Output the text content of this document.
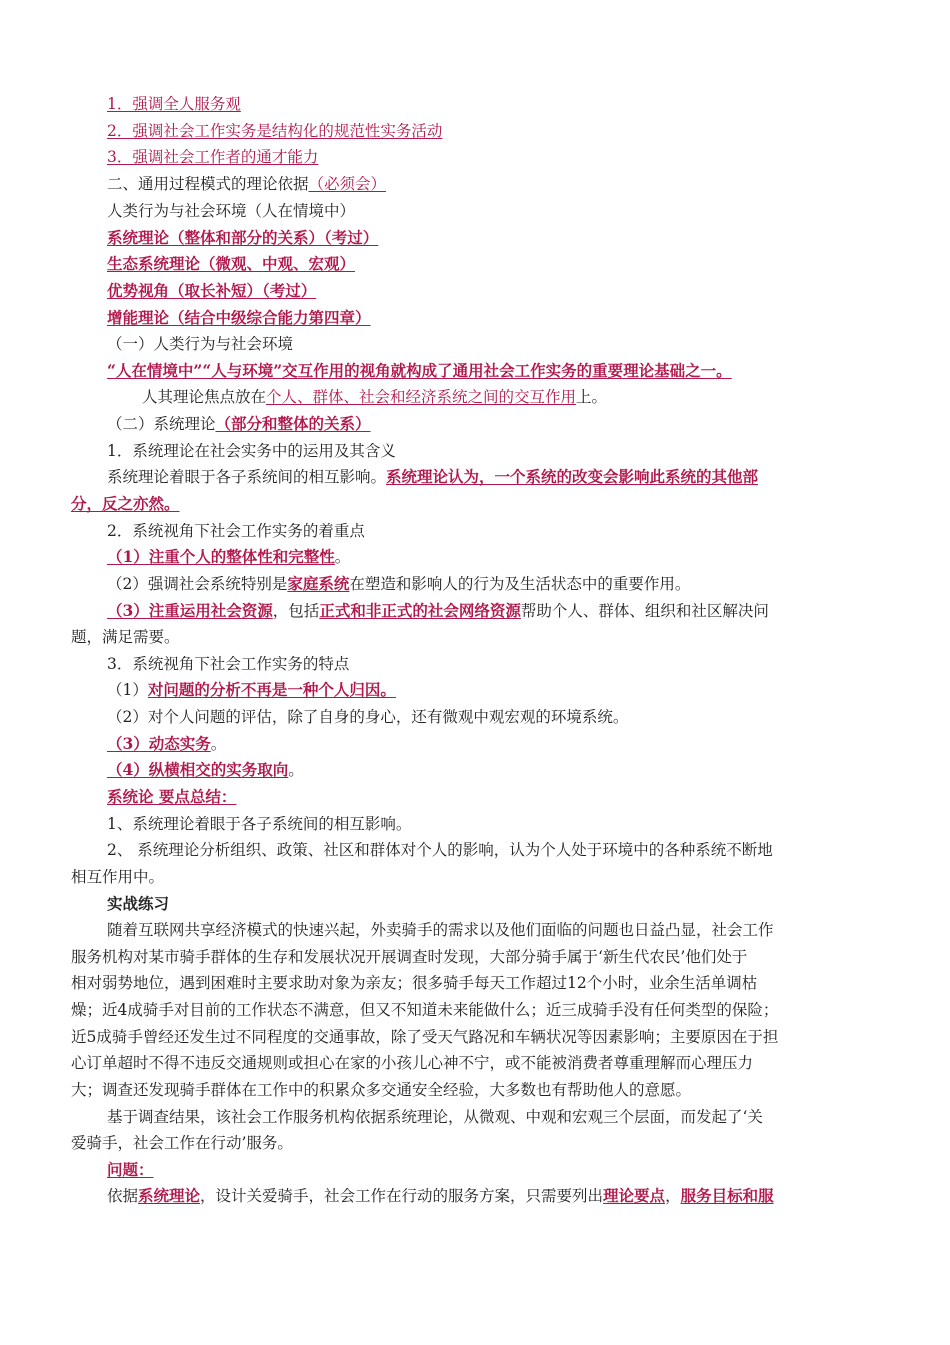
1．强调全人服务观
2．强调社会工作实务是结构化的规范性实务活动
3．强调社会工作者的通才能力
二、通用过程模式的理论依据（必须会）
人类行为与社会环境（人在情境中）
系统理论（整体和部分的关系）（考过）
生态系统理论（微观、中观、宏观）
优势视角（取长补短）（考过）
增能理论（结合中级综合能力第四章）
（一）人类行为与社会环境
“人在情境中”“人与环境”交互作用的视角就构成了通用社会工作实务的重要理论基础之一。
人其理论焦点放在个人、群体、社会和经济系统之间的交互作用上。
（二）系统理论（部分和整体的关系）
1．系统理论在社会实务中的运用及其含义
系统理论着眼于各子系统间的相互影响。系统理论认为，一个系统的改变会影响此系统的其他部
分，反之亦然。
2．系统视角下社会工作实务的着重点
（1）注重个人的整体性和完整性。
（2）强调社会系统特别是家庭系统在塑造和影响人的行为及生活状态中的重要作用。
（3）注重运用社会资源，包括正式和非正式的社会网络资源帮助个人、群体、组织和社区解决问
题，满足需要。
3．系统视角下社会工作实务的特点
（1）对问题的分析不再是一种个人归因。
（2）对个人问题的评估，除了自身的身心，还有微观中观宏观的环境系统。
（3）动态实务。
（4）纵横相交的实务取向。
系统论 要点总结：
1、系统理论着眼于各子系统间的相互影响。
2、 系统理论分析组织、政策、社区和群体对个人的影响，认为个人处于环境中的各种系统不断地
相互作用中。
实战练习
随着互联网共享经济模式的快速兴起，外卖骑手的需求以及他们面临的问题也日益凸显，社会工作
服务机构对某市骑手群体的生存和发展状况开展调查时发现，大部分骑手属于‘新生代农民’他们处于
相对弱势地位，遇到困难时主要求助对象为亲友；很多骑手每天工作超过12个小时，业余生活单调枯
燥；近4成骑手对目前的工作状态不满意，但又不知道未来能做什么；近三成骑手没有任何类型的保险；
近5成骑手曾经还发生过不同程度的交通事故，除了受天气路况和车辆状况等因素影响；主要原因在于担
心订单超时不得不违反交通规则或担心在家的小孩儿心神不宁，或不能被消费者尊重理解而心理压力
大；调查还发现骑手群体在工作中的积累众多交通安全经验，大多数也有帮助他人的意愿。
基于调查结果，该社会工作服务机构依据系统理论，从微观、中观和宏观三个层面，而发起了‘关
爱骑手，社会工作在行动’服务。
问题：
依据系统理论，设计关爱骑手，社会工作在行动的服务方案，只需要列出理论要点，服务目标和服
